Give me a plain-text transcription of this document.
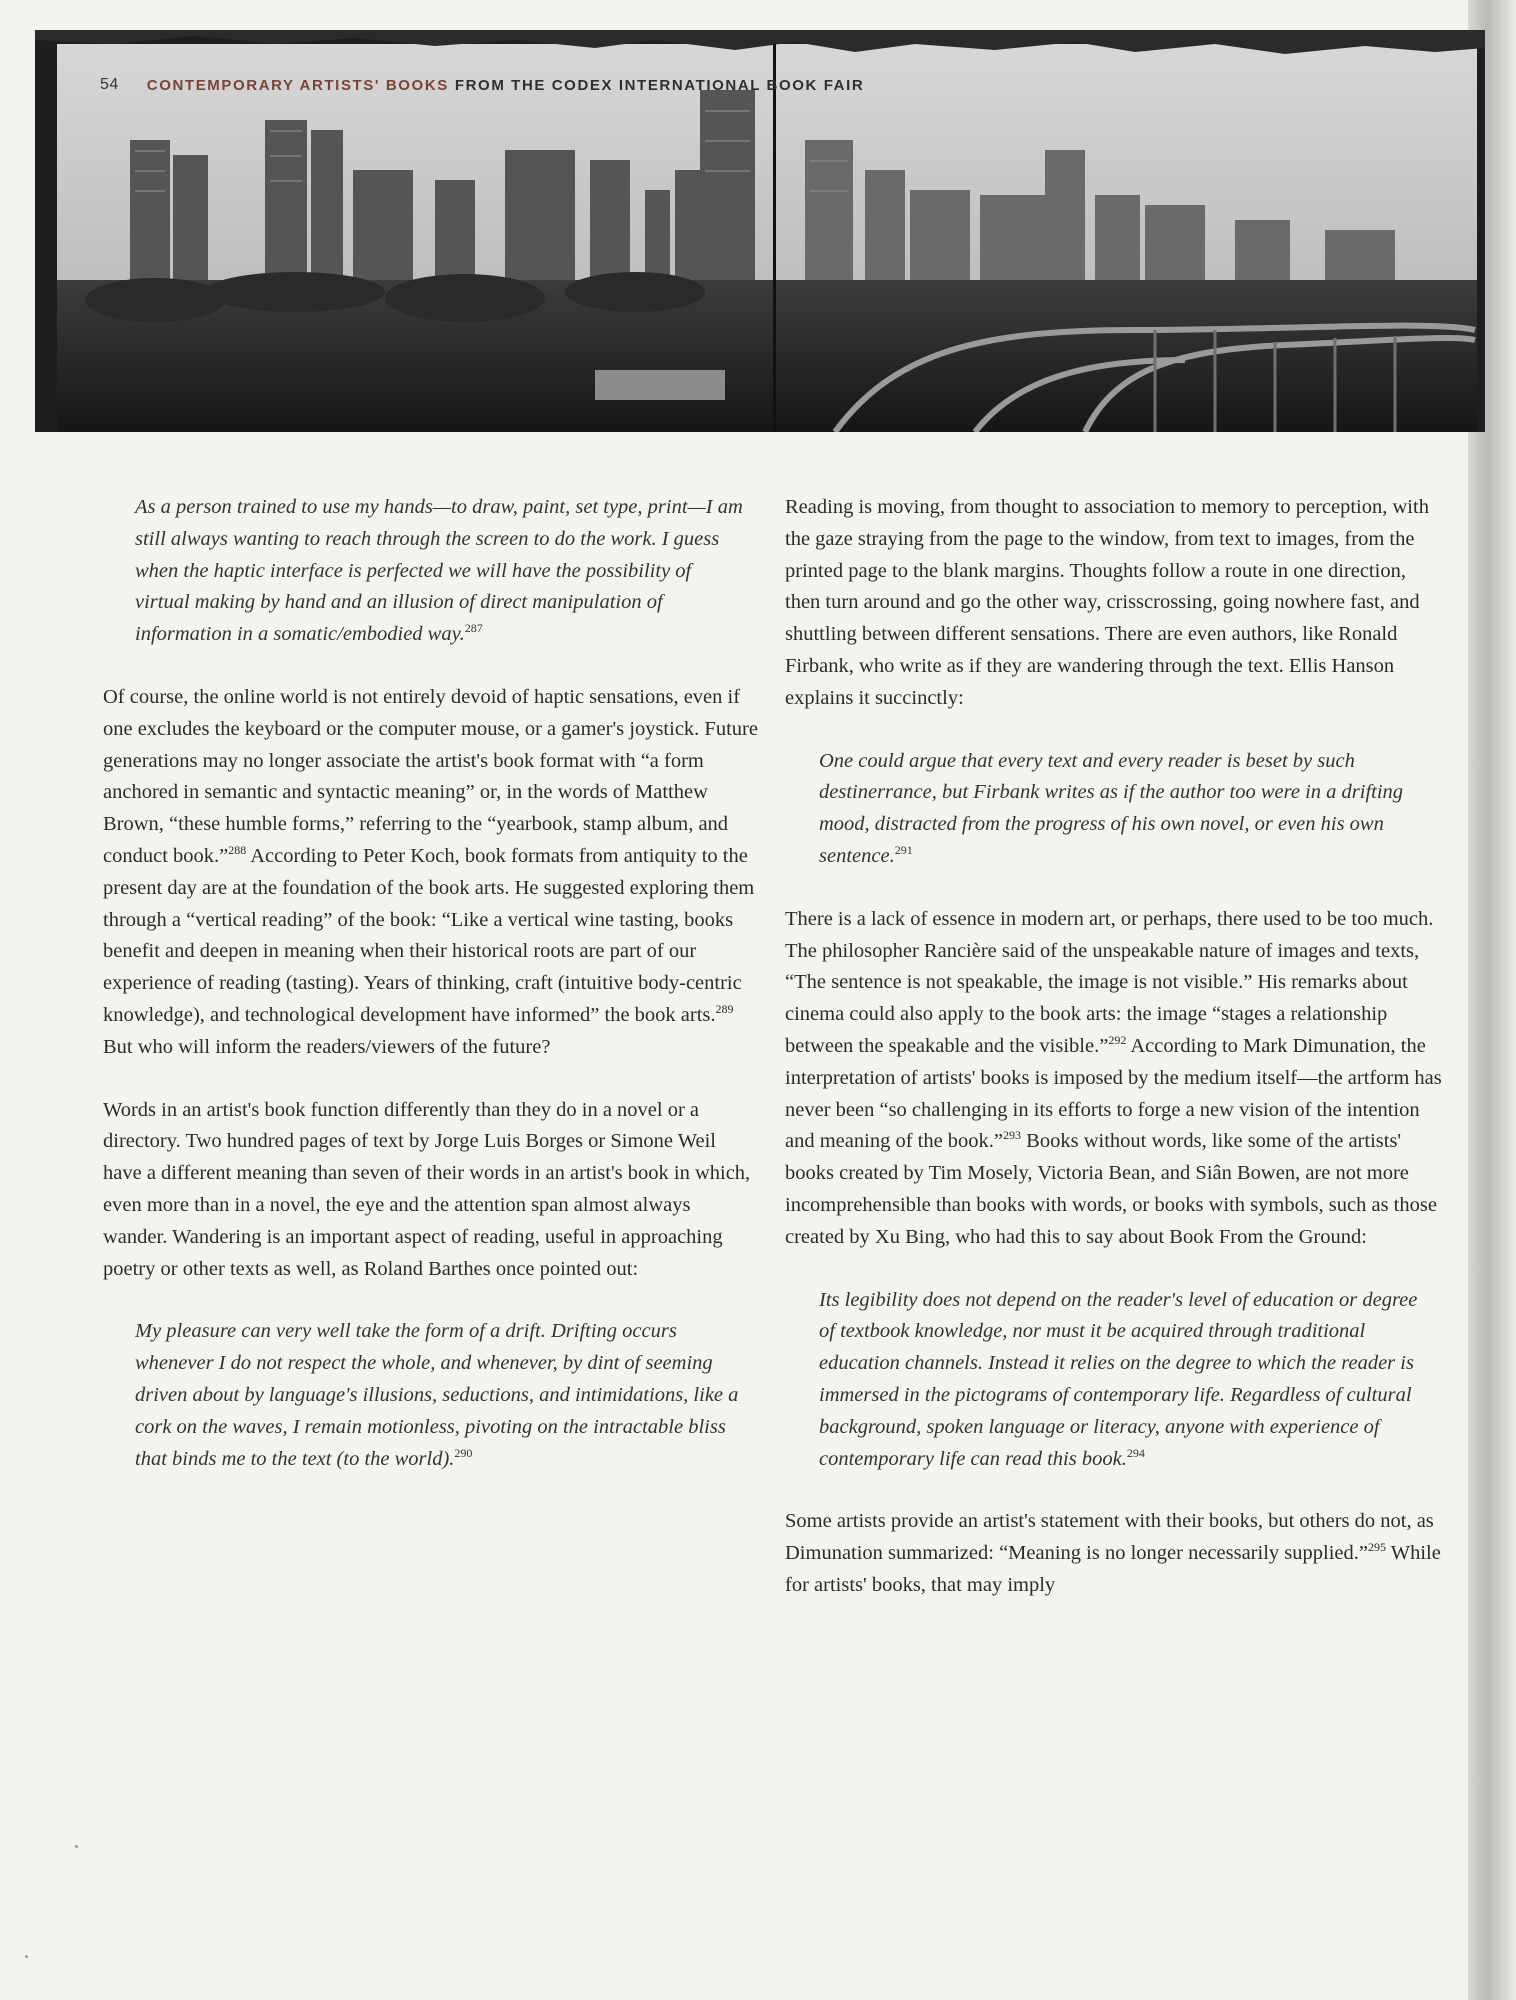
54 CONTEMPORARY ARTISTS' BOOKS FROM THE CODEX INTERNATIONAL BOOK FAIR

As a person trained to use my hands—to draw, paint, set type, print—I am still always wanting to reach through the screen to do the work. I guess when the haptic interface is perfected we will have the possibility of virtual making by hand and an illusion of direct manipulation of information in a somatic/embodied way.$^{287}$

Of course, the online world is not entirely devoid of haptic sensations, even if one excludes the keyboard or the computer mouse, or a gamer's joystick. Future generations may no longer associate the artist's book format with “a form anchored in semantic and syntactic meaning” or, in the words of Matthew Brown, “these humble forms,” referring to the “yearbook, stamp album, and conduct book.”$^{288}$ According to Peter Koch, book formats from antiquity to the present day are at the foundation of the book arts. He suggested exploring them through a “vertical reading” of the book: “Like a vertical wine tasting, books benefit and deepen in meaning when their historical roots are part of our experience of reading (tasting). Years of thinking, craft (intuitive body-centric knowledge), and technological development have informed” the book arts.$^{289}$ But who will inform the readers/viewers of the future?

Words in an artist's book function differently than they do in a novel or a directory. Two hundred pages of text by Jorge Luis Borges or Simone Weil have a different meaning than seven of their words in an artist's book in which, even more than in a novel, the eye and the attention span almost always wander. Wandering is an important aspect of reading, useful in approaching poetry or other texts as well, as Roland Barthes once pointed out:

My pleasure can very well take the form of a drift. Drifting occurs whenever I do not respect the whole, and whenever, by dint of seeming driven about by language's illusions, seductions, and intimidations, like a cork on the waves, I remain motionless, pivoting on the intractable bliss that binds me to the text (to the world).$^{290}$

Reading is moving, from thought to association to memory to perception, with the gaze straying from the page to the window, from text to images, from the printed page to the blank margins. Thoughts follow a route in one direction, then turn around and go the other way, crisscrossing, going nowhere fast, and shuttling between different sensations. There are even authors, like Ronald Firbank, who write as if they are wandering through the text. Ellis Hanson explains it succinctly:

One could argue that every text and every reader is beset by such destinerrance, but Firbank writes as if the author too were in a drifting mood, distracted from the progress of his own novel, or even his own sentence.$^{291}$

There is a lack of essence in modern art, or perhaps, there used to be too much. The philosopher Rancière said of the unspeakable nature of images and texts, “The sentence is not speakable, the image is not visible.” His remarks about cinema could also apply to the book arts: the image “stages a relationship between the speakable and the visible.”$^{292}$ According to Mark Dimunation, the interpretation of artists' books is imposed by the medium itself—the artform has never been “so challenging in its efforts to forge a new vision of the intention and meaning of the book.”$^{293}$ Books without words, like some of the artists' books created by Tim Mosely, Victoria Bean, and Siân Bowen, are not more incomprehensible than books with words, or books with symbols, such as those created by Xu Bing, who had this to say about Book From the Ground:

Its legibility does not depend on the reader's level of education or degree of textbook knowledge, nor must it be acquired through traditional education channels. Instead it relies on the degree to which the reader is immersed in the pictograms of contemporary life. Regardless of cultural background, spoken language or literacy, anyone with experience of contemporary life can read this book.$^{294}$

Some artists provide an artist's statement with their books, but others do not, as Dimunation summarized: “Meaning is no longer necessarily supplied.”$^{295}$ While for artists' books, that may imply
